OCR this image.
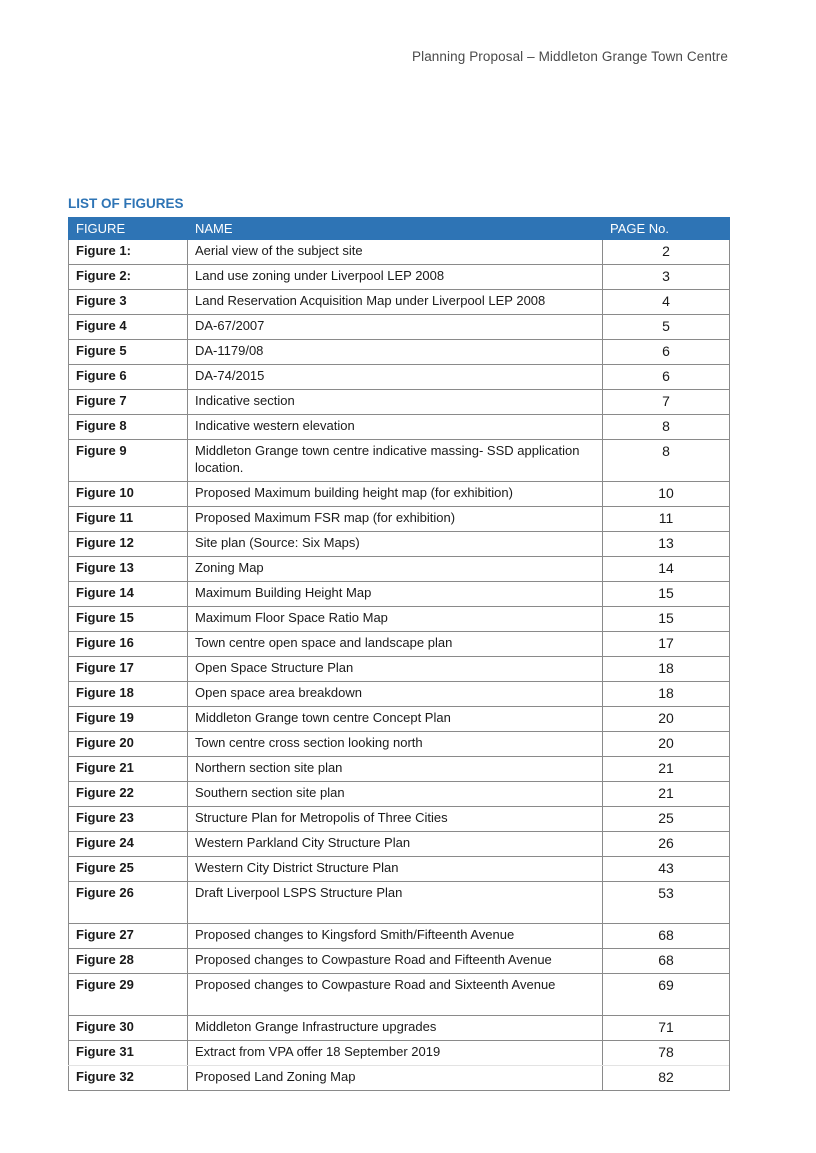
Planning Proposal – Middleton Grange Town Centre
LIST OF FIGURES
FIGURE	NAME	PAGE No.
Figure 1:	Aerial view of the subject site	2
Figure 2:	Land use zoning under Liverpool LEP 2008	3
Figure 3	Land Reservation Acquisition Map under Liverpool LEP 2008	4
Figure 4	DA-67/2007	5
Figure 5	DA-1179/08	6
Figure 6	DA-74/2015	6
Figure 7	Indicative section	7
Figure 8	Indicative western elevation	8
Figure 9	Middleton Grange town centre indicative massing- SSD application location.	8
Figure 10	Proposed Maximum building height map (for exhibition)	10
Figure 11	Proposed Maximum FSR map (for exhibition)	11
Figure 12	Site plan (Source: Six Maps)	13
Figure 13	Zoning Map	14
Figure 14	Maximum Building Height Map	15
Figure 15	Maximum Floor Space Ratio Map	15
Figure 16	Town centre open space and landscape plan	17
Figure 17	Open Space Structure Plan	18
Figure 18	Open space area breakdown	18
Figure 19	Middleton Grange town centre Concept Plan	20
Figure 20	Town centre cross section looking north	20
Figure 21	Northern section site plan	21
Figure 22	Southern section site plan	21
Figure 23	Structure Plan for Metropolis of Three Cities	25
Figure 24	Western Parkland City Structure Plan	26
Figure 25	Western City District Structure Plan	43
Figure 26	Draft Liverpool LSPS Structure Plan	53
Figure 27	Proposed changes to Kingsford Smith/Fifteenth Avenue	68
Figure 28	Proposed changes to Cowpasture Road and Fifteenth Avenue	68
Figure 29	Proposed changes to Cowpasture Road and Sixteenth Avenue	69
Figure 30	Middleton Grange Infrastructure upgrades	71
Figure 31	Extract from VPA offer 18 September 2019	78
Figure 32	Proposed Land Zoning Map	82
